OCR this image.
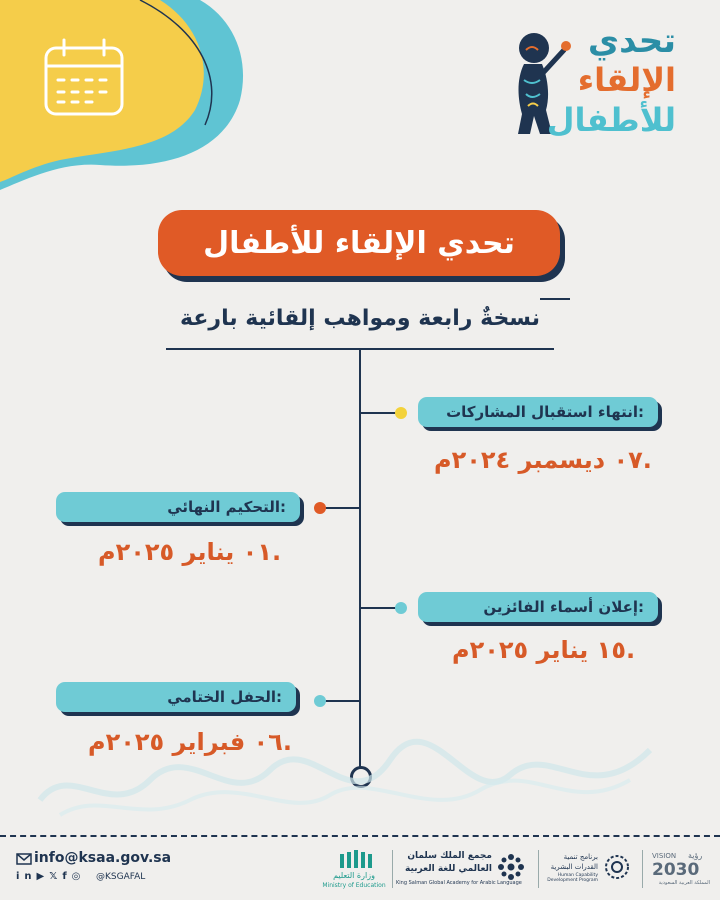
تحدي
الإلقاء
للأطفال
تحدي الإلقاء للأطفال
نسخةٌ رابعة ومواهب إلقائية بارعة
انتهاء استقبال المشاركات:
٠٧ ديسمبر ٢٠٢٤م.
التحكيم النهائي:
٠١ يناير ٢٠٢٥م.
إعلان أسماء الفائزين:
١٥ يناير ٢٠٢٥م.
الحفل الختامي:
٠٦ فبراير ٢٠٢٥م.
info@ksaa.gov.sa
in▶𝕏f◎ @KSGAFAL	وزارة التعليم
Ministry of Education
مجمع الملك سلمان
العالمي للغة العربية
King Salman Global Academy for Arabic Language
برنامج تنمية
القدرات البشرية
Human Capability Development Program
VISION رؤية
2030
المملكة العربية السعودية
